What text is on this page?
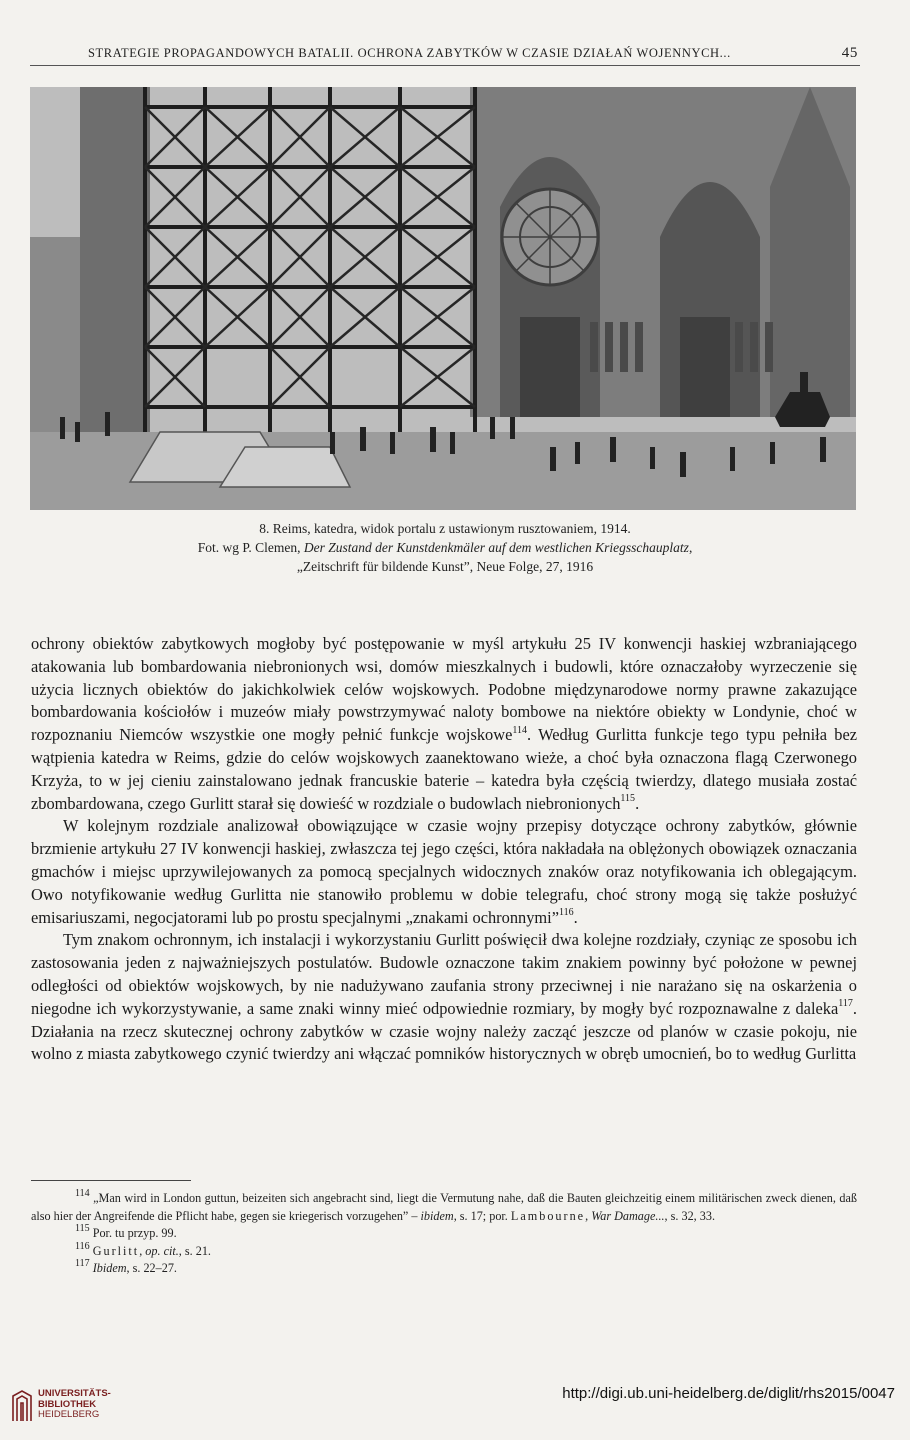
STRATEGIE PROPAGANDOWYCH BATALII. OCHRONA ZABYTKÓW W CZASIE DZIAŁAŃ WOJENNYCH...	45
8. Reims, katedra, widok portalu z ustawionym rusztowaniem, 1914.
Fot. wg P. Clemen, Der Zustand der Kunstdenkmäler auf dem westlichen Kriegsschauplatz,
„Zeitschrift für bildende Kunst”, Neue Folge, 27, 1916

ochrony obiektów zabytkowych mogłoby być postępowanie w myśl artykułu 25 IV konwencji haskiej wzbraniającego atakowania lub bombardowania niebronionych wsi, domów mieszkalnych i budowli, które oznaczałoby wyrzeczenie się użycia licznych obiektów do jakichkolwiek celów wojskowych. Podobne międzynarodowe normy prawne zakazujące bombardowania kościołów i muzeów miały powstrzymywać naloty bombowe na niektóre obiekty w Londynie, choć w rozpoznaniu Niemców wszystkie one mogły pełnić funkcje wojskowe$^{114}$. Według Gurlitta funkcje tego typu pełniła bez wątpienia katedra w Reims, gdzie do celów wojskowych zaanektowano wieże, a choć była oznaczona flagą Czerwonego Krzyża, to w jej cieniu zainstalowano jednak francuskie baterie – katedra była częścią twierdzy, dlatego musiała zostać zbombardowana, czego Gurlitt starał się dowieść w rozdziale o budowlach niebronionych$^{115}$.

W kolejnym rozdziale analizował obowiązujące w czasie wojny przepisy dotyczące ochrony zabytków, głównie brzmienie artykułu 27 IV konwencji haskiej, zwłaszcza tej jego części, która nakładała na oblężonych obowiązek oznaczania gmachów i miejsc uprzywilejowanych za pomocą specjalnych widocznych znaków oraz notyfikowania ich oblegającym. Owo notyfikowanie według Gurlitta nie stanowiło problemu w dobie telegrafu, choć strony mogą się także posłużyć emisariuszami, negocjatorami lub po prostu specjalnymi „znakami ochronnymi”$^{116}$.

Tym znakom ochronnym, ich instalacji i wykorzystaniu Gurlitt poświęcił dwa kolejne rozdziały, czyniąc ze sposobu ich zastosowania jeden z najważniejszych postulatów. Budowle oznaczone takim znakiem powinny być położone w pewnej odległości od obiektów wojskowych, by nie nadużywano zaufania strony przeciwnej i nie narażano się na oskarżenia o niegodne ich wykorzystywanie, a same znaki winny mieć odpowiednie rozmiary, by mogły być rozpoznawalne z daleka$^{117}$. Działania na rzecz skutecznej ochrony zabytków w czasie wojny należy zacząć jeszcze od planów w czasie pokoju, nie wolno z miasta zabytkowego czynić twierdzy ani włączać pomników historycznych w obręb umocnień, bo to według Gurlitta

$^{114}$ „Man wird in London guttun, beizeiten sich angebracht sind, liegt die Vermutung nahe, daß die Bauten gleichzeitig einem militärischen zweck dienen, daß also hier der Angreifende die Pflicht habe, gegen sie kriegerisch vorzugehen” – ibidem, s. 17; por. Lambourne, War Damage..., s. 32, 33.
$^{115}$ Por. tu przyp. 99.
$^{116}$ Gurlitt, op. cit., s. 21.
$^{117}$ Ibidem, s. 22–27.
UNIVERSITÄTS-
BIBLIOTHEK
HEIDELBERG
http://digi.ub.uni-heidelberg.de/diglit/rhs2015/0047
